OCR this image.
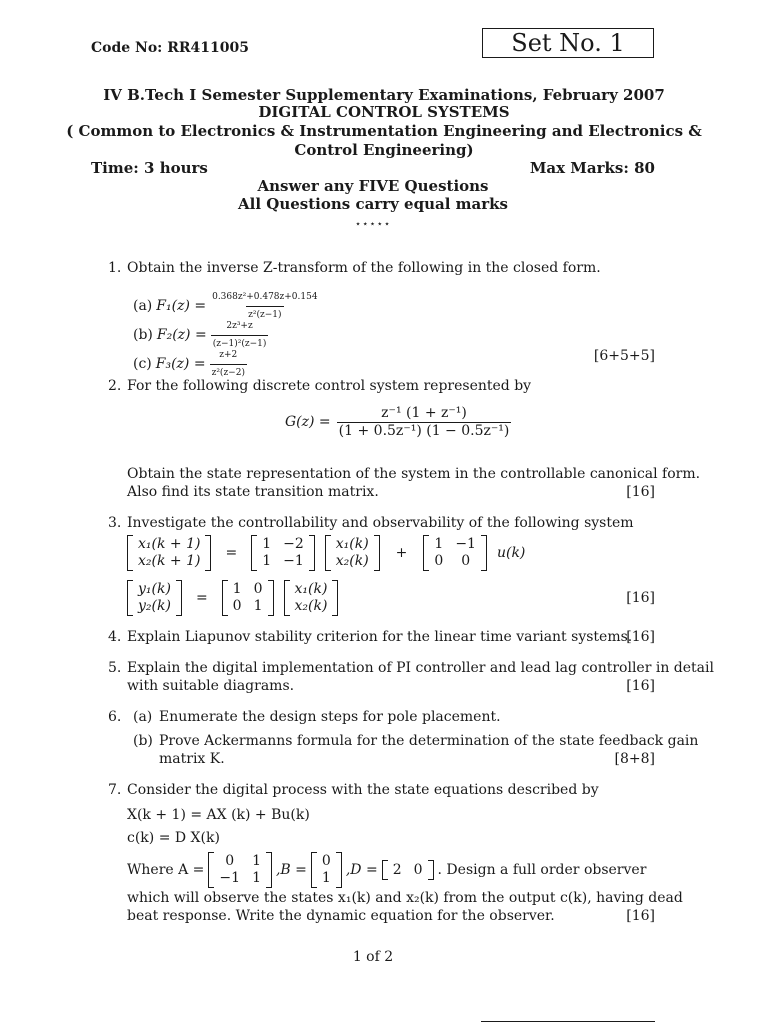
Code No: RR411005	Set No. 1
IV B.Tech I Semester Supplementary Examinations, February 2007
DIGITAL CONTROL SYSTEMS
( Common to Electronics & Instrumentation Engineering and Electronics &
Control Engineering)
Time: 3 hours	Max Marks: 80
Answer any FIVE Questions
All Questions carry equal marks
⋆⋆⋆⋆⋆
1. Obtain the inverse Z-transform of the following in the closed form.
(a) $F_1(z) = \frac{\text{0.368z²+0.478z+0.154}}{\text{z²(z−1)}}$
(b) $F_2(z) = \frac{\text{2z³+z}}{\text{(z−1)²(z−1)}}$
(c) $F_3(z) = \frac{z+2}{\text{z²(z−2)}}$	[6+5+5]
2. For the following discrete control system represented by
$G(z) = \frac{\text{z⁻¹ (1 + z⁻¹)}}{\text{(1 + 0.5z⁻¹) (1 − 0.5z⁻¹)}}$
Obtain the state representation of the system in the controllable canonical form.
Also find its state transition matrix.	[16]
3. Investigate the controllability and observability of the following system
x₁(k + 1)
x₂(k + 1)
=
1 −2
1 −1
x₁(k)
x₂(k)
+
1 −1
0	0
u(k)
y₁(k)
y₂(k)
=
1 0
0 1
x₁(k)
x₂(k)	[16]
4. Explain Liapunov stability criterion for the linear time variant systems.
[16]
5. Explain the digital implementation of PI controller and lead lag controller in detail
with suitable diagrams.	[16]
6. (a) Enumerate the design steps for pole placement.
(b) Prove Ackermanns formula for the determination of the state feedback gain
matrix K.	[8+8]
7. Consider the digital process with the state equations described by
X(k + 1) = AX (k) + Bu(k)
c(k) = D X(k)
Where A =
0	1
−1 1
,B =
0
1
,D = 2 0 . Design a full order observer
which will observe the states x₁(k) and x₂(k) from the output c(k), having dead
beat response. Write the dynamic equation for the observer.	[16]
1 of 2
